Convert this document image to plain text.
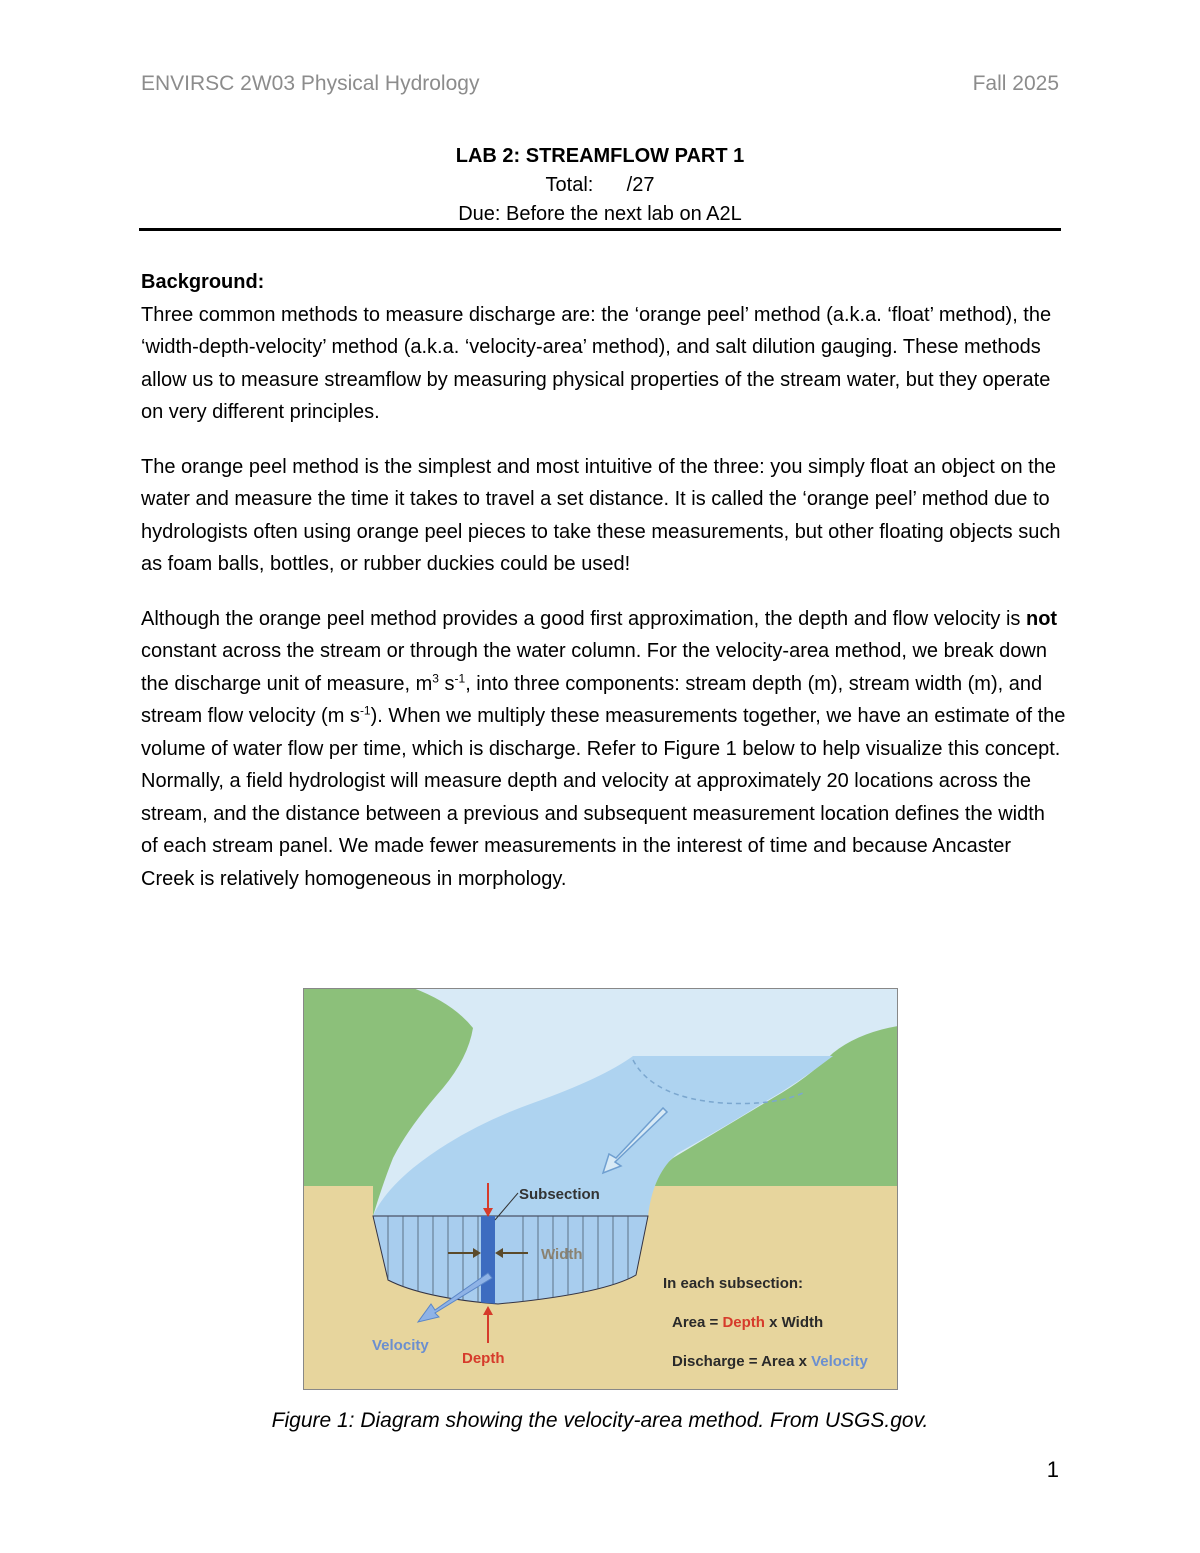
ENVIRSC 2W03 Physical Hydrology	Fall 2025
LAB 2: STREAMFLOW PART 1
Total:      /27
Due: Before the next lab on A2L
Background:

Three common methods to measure discharge are: the ‘orange peel’ method (a.k.a. ‘float’ method), the ‘width-depth-velocity’ method (a.k.a. ‘velocity-area’ method), and salt dilution gauging. These methods allow us to measure streamflow by measuring physical properties of the stream water, but they operate on very different principles.

The orange peel method is the simplest and most intuitive of the three: you simply float an object on the water and measure the time it takes to travel a set distance. It is called the ‘orange peel’ method due to hydrologists often using orange peel pieces to take these measurements, but other floating objects such as foam balls, bottles, or rubber duckies could be used!

Although the orange peel method provides a good first approximation, the depth and flow velocity is not constant across the stream or through the water column. For the velocity-area method, we break down the discharge unit of measure, $m^3$ $s^{-1}$, into three components: stream depth (m), stream width (m), and stream flow velocity (m $s^{-1}$). When we multiply these measurements together, we have an estimate of the volume of water flow per time, which is discharge. Refer to Figure 1 below to help visualize this concept. Normally, a field hydrologist will measure depth and velocity at approximately 20 locations across the stream, and the distance between a previous and subsequent measurement location defines the width of each stream panel. We made fewer measurements in the interest of time and because Ancaster Creek is relatively homogeneous in morphology.

Subsection
Width
Velocity
Depth
In each subsection:
Area = Depth x Width
Discharge = Area x Velocity
Figure 1: Diagram showing the velocity-area method. From USGS.gov.
1
